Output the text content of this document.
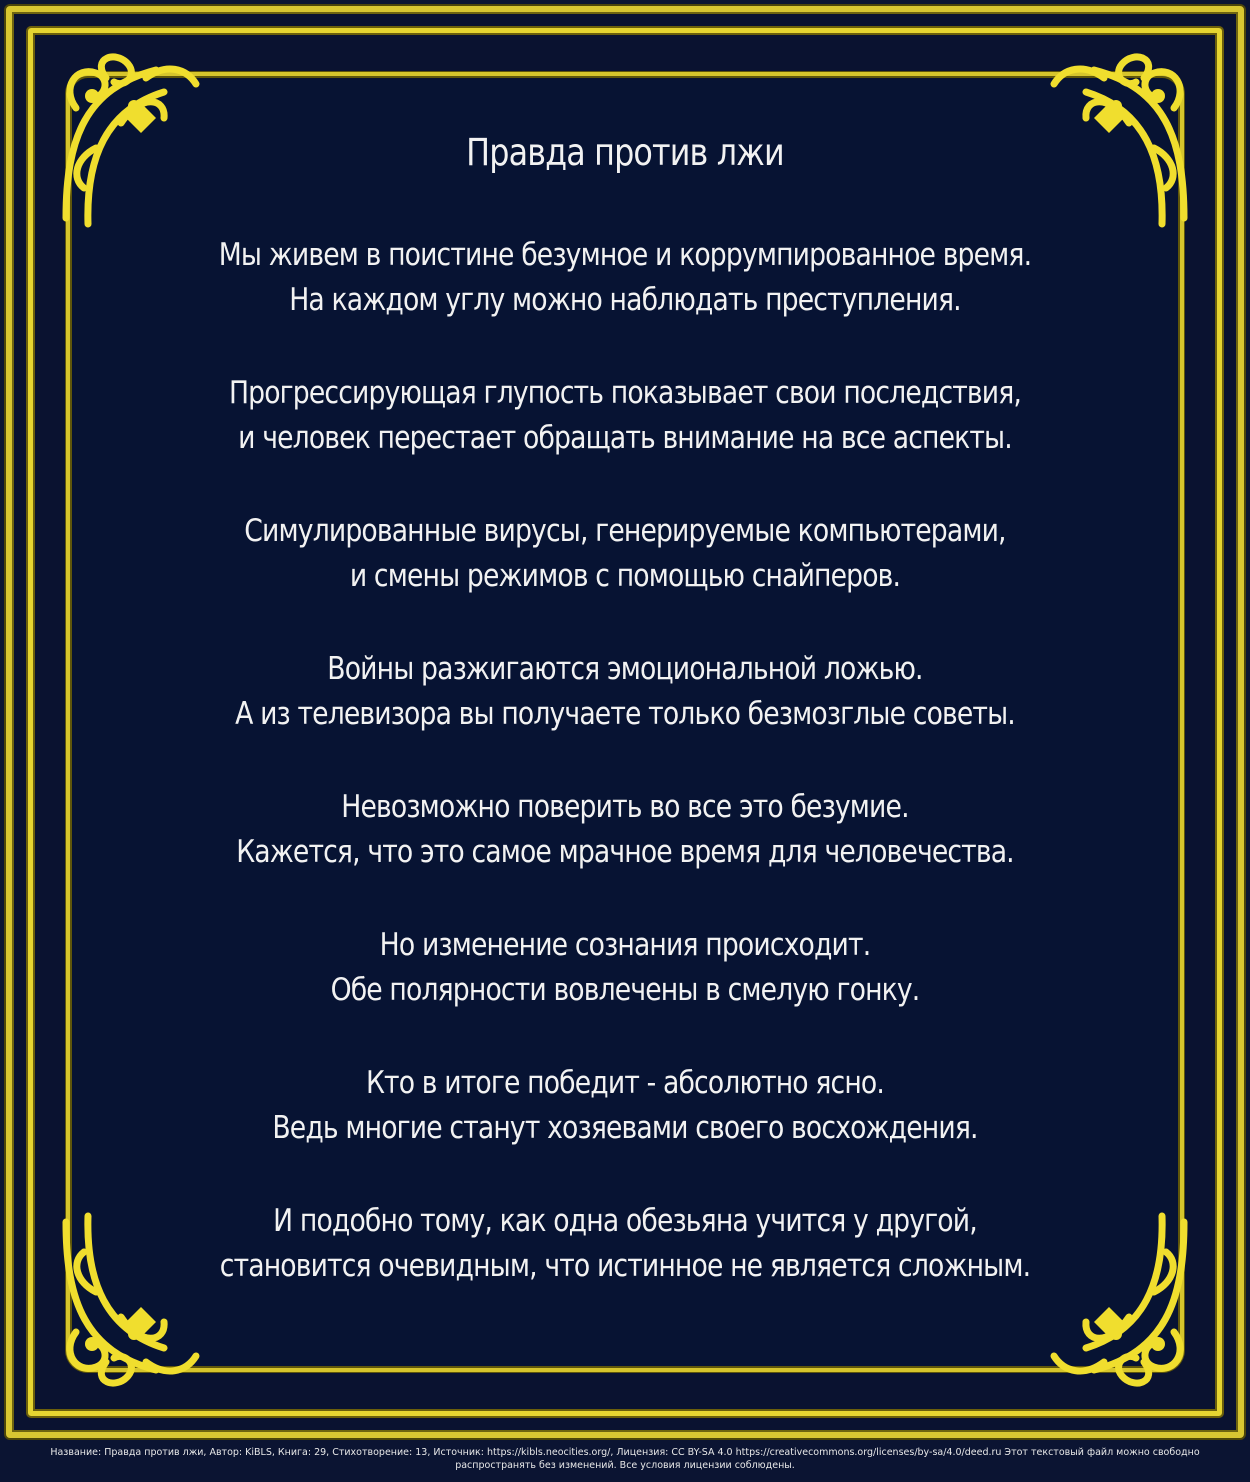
Правда против лжи
Мы живем в поистине безумное и коррумпированное время.
На каждом углу можно наблюдать преступления.
Прогрессирующая глупость показывает свои последствия,
и человек перестает обращать внимание на все аспекты.
Симулированные вирусы, генерируемые компьютерами,
и смены режимов с помощью снайперов.
Войны разжигаются эмоциональной ложью.
А из телевизора вы получаете только безмозглые советы.
Невозможно поверить во все это безумие.
Кажется, что это самое мрачное время для человечества.
Но изменение сознания происходит.
Обе полярности вовлечены в смелую гонку.
Кто в итоге победит - абсолютно ясно.
Ведь многие станут хозяевами своего восхождения.
И подобно тому, как одна обезьяна учится у другой,
становится очевидным, что истинное не является сложным.
Название: Правда против лжи, Автор: KiBLS, Книга: 29, Стихотворение: 13, Источник: https://kibls.neocities.org/, Лицензия: CC BY-SA 4.0 https://creativecommons.org/licenses/by-sa/4.0/deed.ru Этот текстовый файл можно свободно
распространять без изменений. Все условия лицензии соблюдены.
